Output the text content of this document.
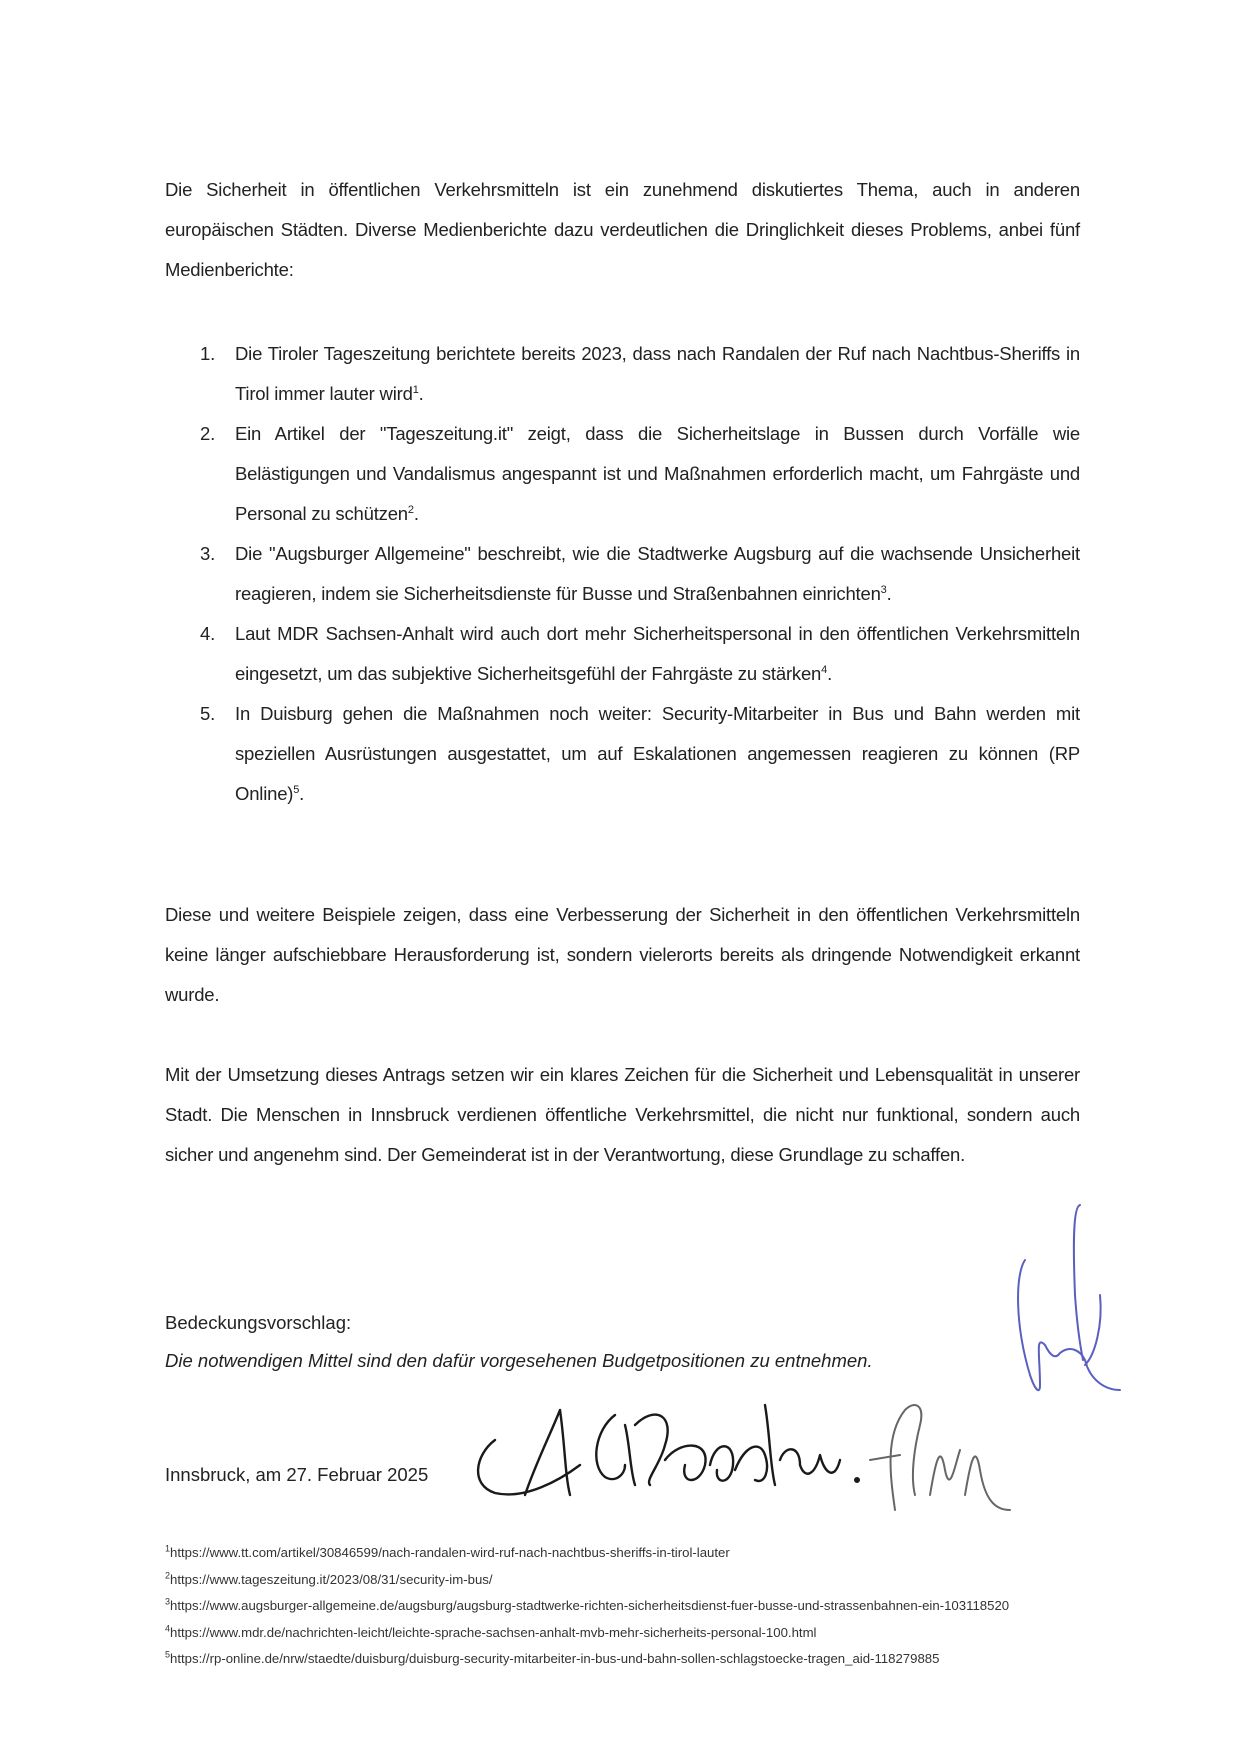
Die Sicherheit in öffentlichen Verkehrsmitteln ist ein zunehmend diskutiertes Thema, auch in anderen europäischen Städten. Diverse Medienberichte dazu verdeutlichen die Dringlichkeit dieses Problems, anbei fünf Medienberichte:

1. Die Tiroler Tageszeitung berichtete bereits 2023, dass nach Randalen der Ruf nach Nachtbus-Sheriffs in Tirol immer lauter wird$^1$.
2. Ein Artikel der "Tageszeitung.it" zeigt, dass die Sicherheitslage in Bussen durch Vorfälle wie Belästigungen und Vandalismus angespannt ist und Maßnahmen erforderlich macht, um Fahrgäste und Personal zu schützen$^2$.
3. Die "Augsburger Allgemeine" beschreibt, wie die Stadtwerke Augsburg auf die wachsende Unsicherheit reagieren, indem sie Sicherheitsdienste für Busse und Straßenbahnen einrichten$^3$.
4. Laut MDR Sachsen-Anhalt wird auch dort mehr Sicherheitspersonal in den öffentlichen Verkehrsmitteln eingesetzt, um das subjektive Sicherheitsgefühl der Fahrgäste zu stärken$^4$.
5. In Duisburg gehen die Maßnahmen noch weiter: Security-Mitarbeiter in Bus und Bahn werden mit speziellen Ausrüstungen ausgestattet, um auf Eskalationen angemessen reagieren zu können (RP Online)$^5$.

Diese und weitere Beispiele zeigen, dass eine Verbesserung der Sicherheit in den öffentlichen Verkehrsmitteln keine länger aufschiebbare Herausforderung ist, sondern vielerorts bereits als dringende Notwendigkeit erkannt wurde.

Mit der Umsetzung dieses Antrags setzen wir ein klares Zeichen für die Sicherheit und Lebensqualität in unserer Stadt. Die Menschen in Innsbruck verdienen öffentliche Verkehrsmittel, die nicht nur funktional, sondern auch sicher und angenehm sind. Der Gemeinderat ist in der Verantwortung, diese Grundlage zu schaffen.

Bedeckungsvorschlag:
Die notwendigen Mittel sind den dafür vorgesehenen Budgetpositionen zu entnehmen.
Innsbruck, am 27. Februar 2025
$^1$https://www.tt.com/artikel/30846599/nach-randalen-wird-ruf-nach-nachtbus-sheriffs-in-tirol-lauter
$^2$https://www.tageszeitung.it/2023/08/31/security-im-bus/
$^3$https://www.augsburger-allgemeine.de/augsburg/augsburg-stadtwerke-richten-sicherheitsdienst-fuer-busse-und-strassenbahnen-ein-103118520
$^4$https://www.mdr.de/nachrichten-leicht/leichte-sprache-sachsen-anhalt-mvb-mehr-sicherheits-personal-100.html
$^5$https://rp-online.de/nrw/staedte/duisburg/duisburg-security-mitarbeiter-in-bus-und-bahn-sollen-schlagstoecke-tragen_aid-118279885
